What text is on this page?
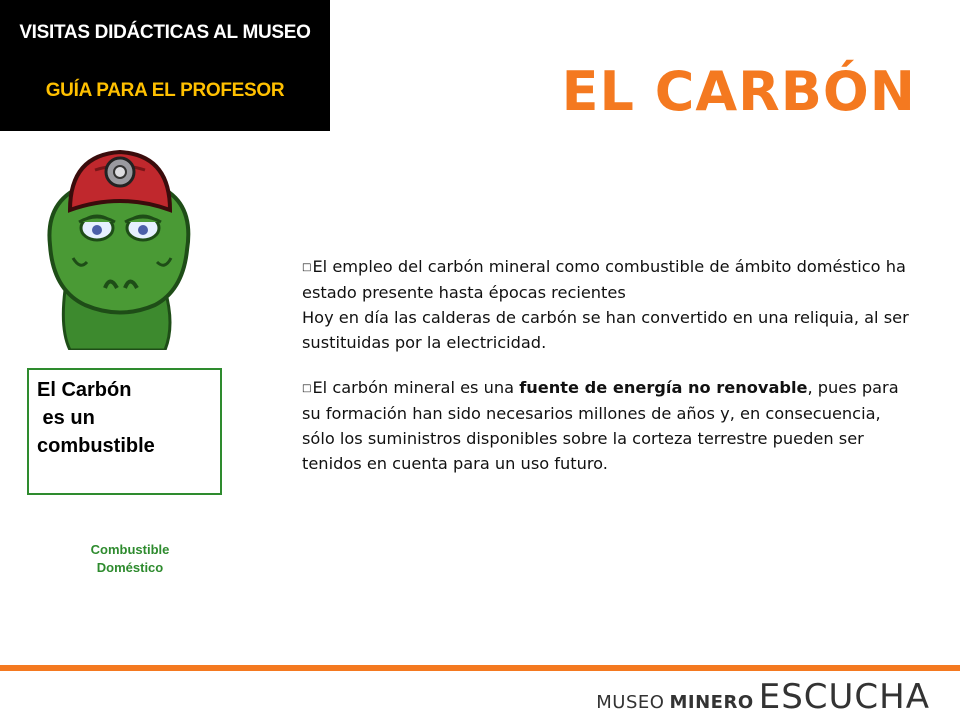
VISITAS DIDÁCTICAS AL MUSEO
GUÍA PARA EL PROFESOR	EL CARBÓN
El Carbón
es un
combustible
Combustible
Doméstico

□El empleo del carbón mineral como combustible de ámbito doméstico ha estado presente hasta épocas recientes
Hoy en día las calderas de carbón se han convertido en una reliquia, al ser sustituidas por la electricidad.

□El carbón mineral es una fuente de energía no renovable, pues para su formación han sido necesarios millones de años y, en consecuencia, sólo los suministros disponibles sobre la corteza terrestre pueden ser tenidos en cuenta para un uso futuro.

MUSEO MINERO ESCUCHA
